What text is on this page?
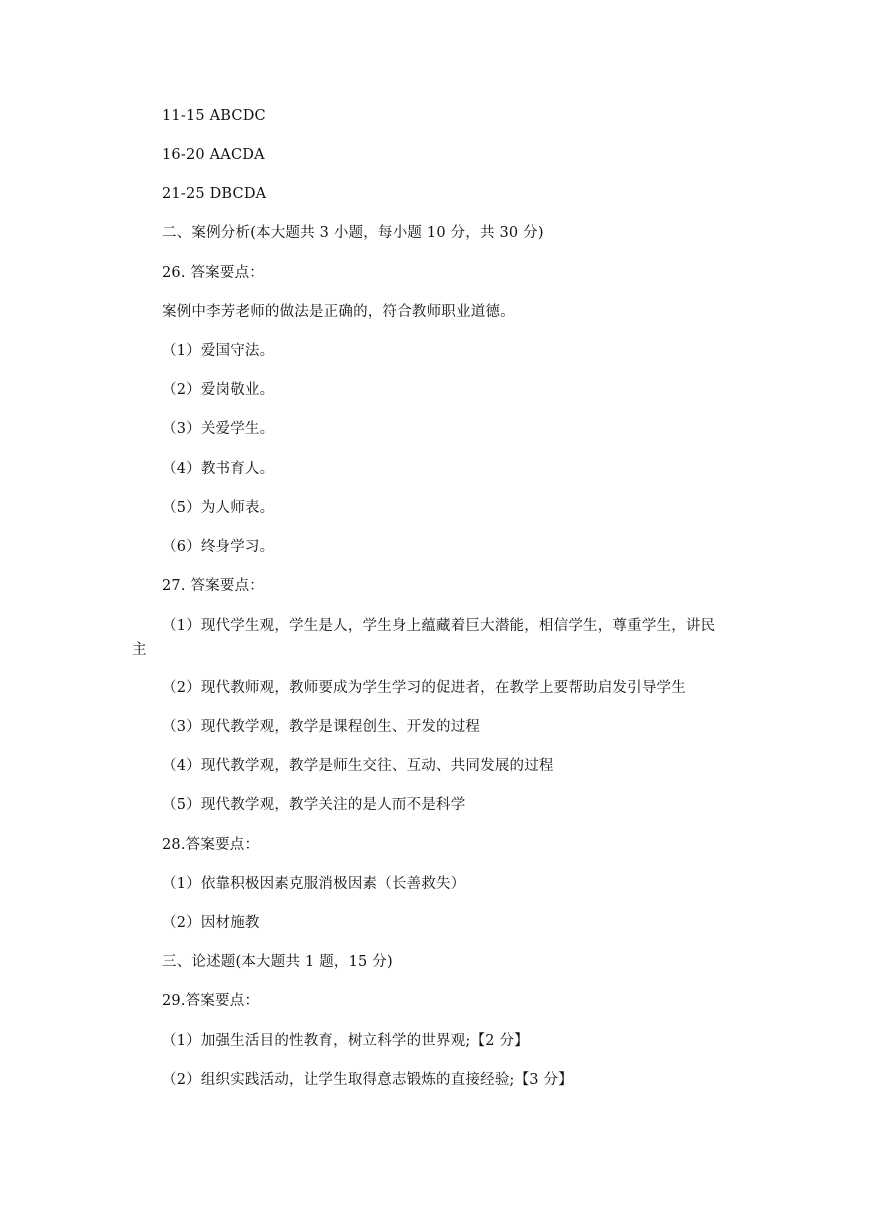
11-15 ABCDC
16-20 AACDA
21-25 DBCDA
二、案例分析(本大题共 3 小题，每小题 10 分，共 30 分)
26. 答案要点：
案例中李芳老师的做法是正确的，符合教师职业道德。
（1）爱国守法。
（2）爱岗敬业。
（3）关爱学生。
（4）教书育人。
（5）为人师表。
（6）终身学习。
27. 答案要点：
（1）现代学生观，学生是人，学生身上蕴藏着巨大潜能，相信学生，尊重学生，讲民
主
（2）现代教师观，教师要成为学生学习的促进者，在教学上要帮助启发引导学生
（3）现代教学观，教学是课程创生、开发的过程
（4）现代教学观，教学是师生交往、互动、共同发展的过程
（5）现代教学观，教学关注的是人而不是科学
28.答案要点：
（1）依靠积极因素克服消极因素（长善救失）
（2）因材施教
三、论述题(本大题共 1 题，15 分)
29.答案要点：
（1）加强生活目的性教育，树立科学的世界观;【2 分】
（2）组织实践活动，让学生取得意志锻炼的直接经验;【3 分】
